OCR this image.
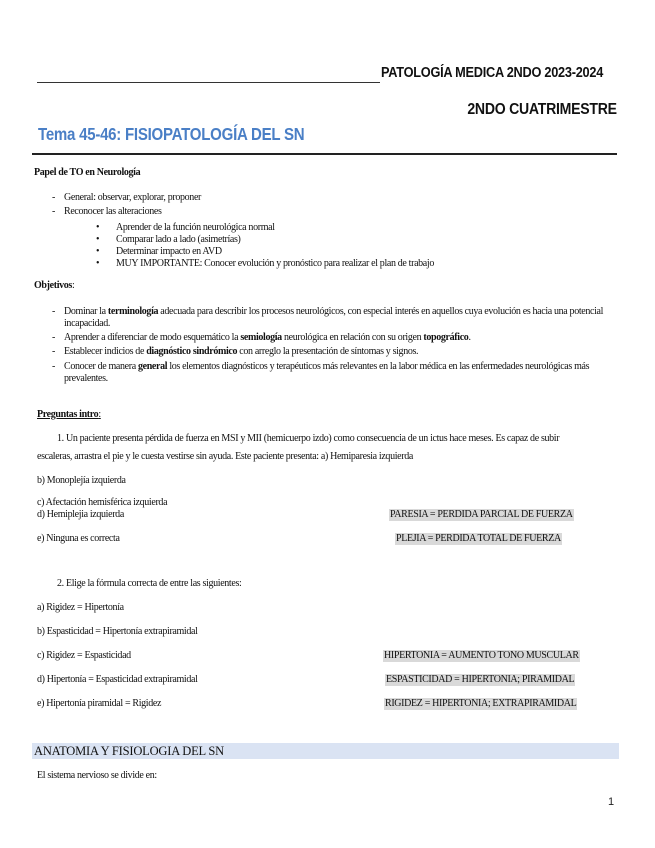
PATOLOGÍA MEDICA 2NDO 2023-2024
2NDO CUATRIMESTRE
Tema 45-46: FISIOPATOLOGÍA DEL SN
Papel de TO en Neurología
- General: observar, explorar, proponer
- Reconocer las alteraciones
• Aprender de la función neurológica normal
• Comparar lado a lado (asimetrías)
• Determinar impacto en AVD
• MUY IMPORTANTE: Conocer evolución y pronóstico para realizar el plan de trabajo
Objetivos:
- Dominar la terminología adecuada para describir los procesos neurológicos, con especial interés en aquellos cuya evolución es hacia una potencial incapacidad.
- Aprender a diferenciar de modo esquemático la semiología neurológica en relación con su origen topográfico.
- Establecer indicios de diagnóstico sindrómico con arreglo la presentación de síntomas y signos.
- Conocer de manera general los elementos diagnósticos y terapéuticos más relevantes en la labor médica en las enfermedades neurológicas más prevalentes.
Preguntas intro:
1. Un paciente presenta pérdida de fuerza en MSI y MII (hemicuerpo izdo) como consecuencia de un ictus hace meses. Es capaz de subir
escaleras, arrastra el pie y le cuesta vestirse sin ayuda. Este paciente presenta: a) Hemiparesia izquierda
b) Monoplejía izquierda
c) Afectación hemisférica izquierda
d) Hemiplejia izquierda
e) Ninguna es correcta
PARESIA = PERDIDA PARCIAL DE FUERZA
PLEJIA = PERDIDA TOTAL DE FUERZA
2. Elige la fórmula correcta de entre las siguientes:
a) Rigidez = Hipertonía
b) Espasticidad = Hipertonía extrapiramidal
c) Rigidez = Espasticidad
d) Hipertonía = Espasticidad extrapiramidal
e) Hipertonía piramidal = Rigidez
HIPERTONIA = AUMENTO TONO MUSCULAR
ESPASTICIDAD = HIPERTONIA; PIRAMIDAL
RIGIDEZ = HIPERTONIA; EXTRAPIRAMIDAL
ANATOMIA Y FISIOLOGIA DEL SN
El sistema nervioso se divide en:
1
